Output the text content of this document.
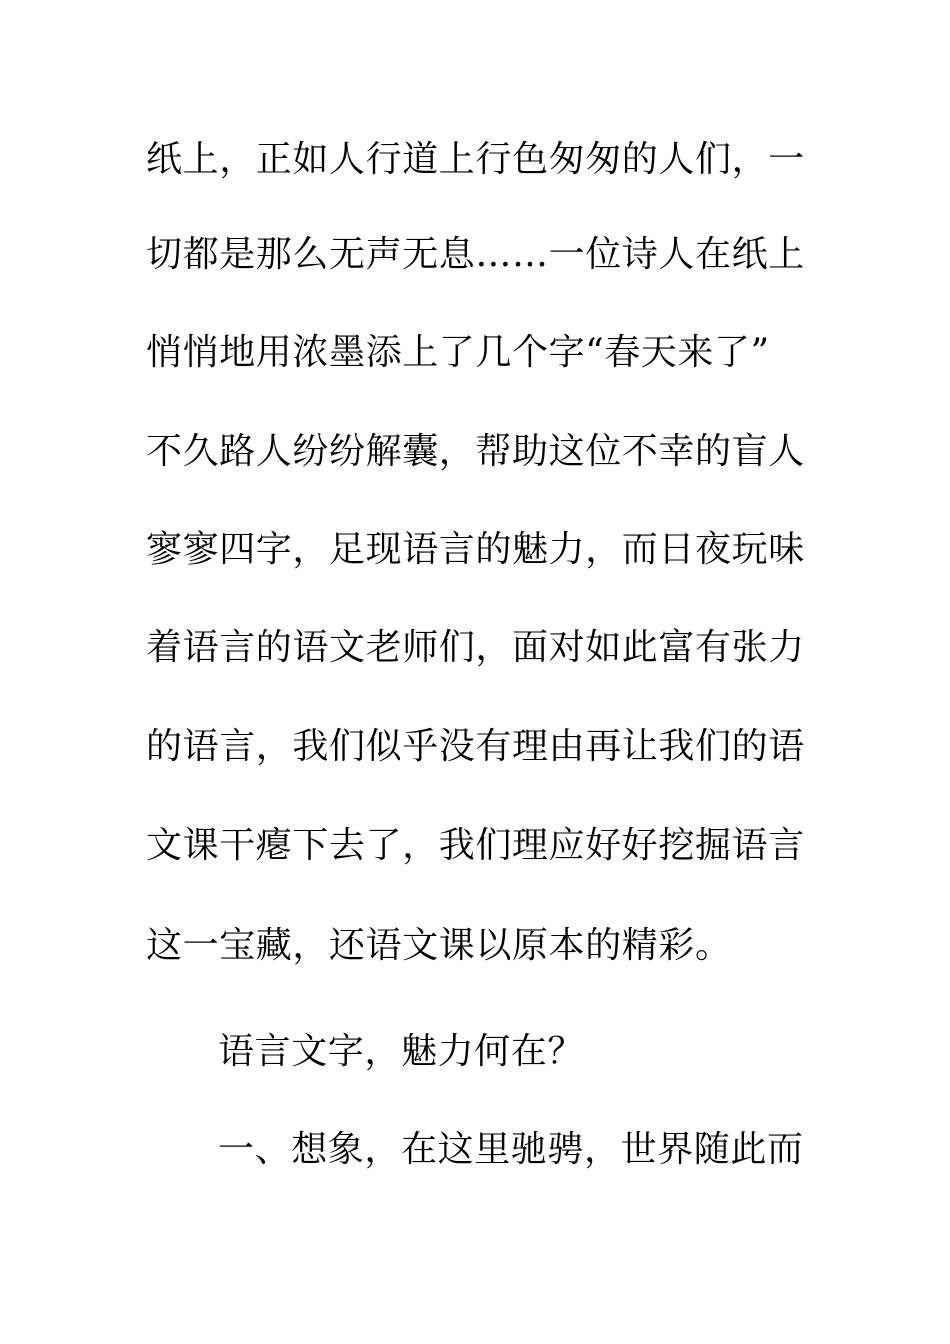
纸上，正如人行道上行色匆匆的人们，一
切都是那么无声无息……一位诗人在纸上
悄悄地用浓墨添上了几个字“春天来了”
不久路人纷纷解囊，帮助这位不幸的盲人
寥寥四字，足现语言的魅力，而日夜玩味
着语言的语文老师们，面对如此富有张力
的语言，我们似乎没有理由再让我们的语
文课干瘪下去了，我们理应好好挖掘语言
这一宝藏，还语文课以原本的精彩。
语言文字，魅力何在？
一、想象，在这里驰骋，世界随此而
